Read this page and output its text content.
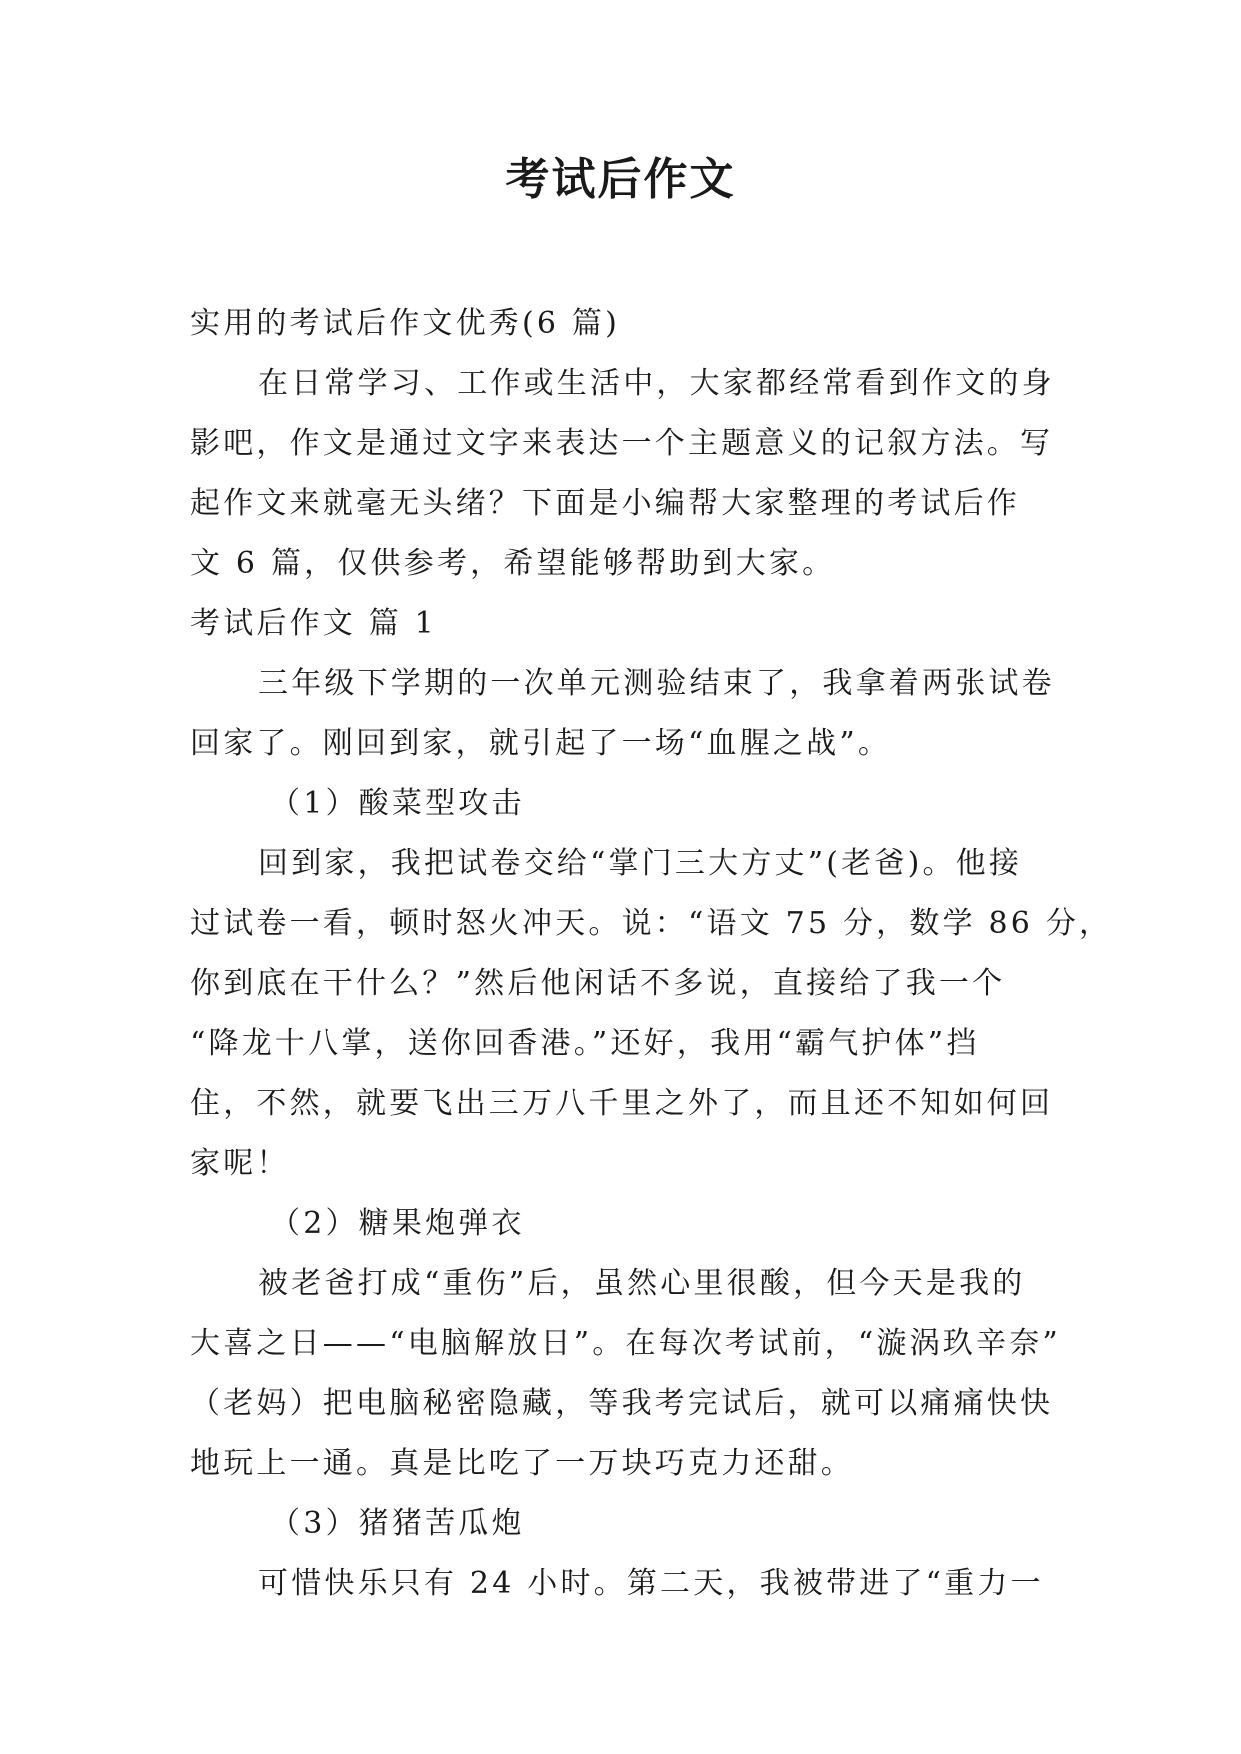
考试后作文
实用的考试后作文优秀(6 篇)
在日常学习、工作或生活中，大家都经常看到作文的身
影吧，作文是通过文字来表达一个主题意义的记叙方法。写
起作文来就毫无头绪？下面是小编帮大家整理的考试后作
文 6 篇，仅供参考，希望能够帮助到大家。
考试后作文 篇 1
三年级下学期的一次单元测验结束了，我拿着两张试卷
回家了。刚回到家，就引起了一场“血腥之战”。
（1）酸菜型攻击
回到家，我把试卷交给“掌门三大方丈”(老爸)。他接
过试卷一看，顿时怒火冲天。说：“语文 75 分，数学 86 分，
你到底在干什么？”然后他闲话不多说，直接给了我一个
“降龙十八掌，送你回香港。”还好，我用“霸气护体”挡
住，不然，就要飞出三万八千里之外了，而且还不知如何回
家呢！
（2）糖果炮弹衣
被老爸打成“重伤”后，虽然心里很酸，但今天是我的
大喜之日——“电脑解放日”。在每次考试前，“漩涡玖辛奈”
（老妈）把电脑秘密隐藏，等我考完试后，就可以痛痛快快
地玩上一通。真是比吃了一万块巧克力还甜。
（3）猪猪苦瓜炮
可惜快乐只有 24 小时。第二天，我被带进了“重力一
